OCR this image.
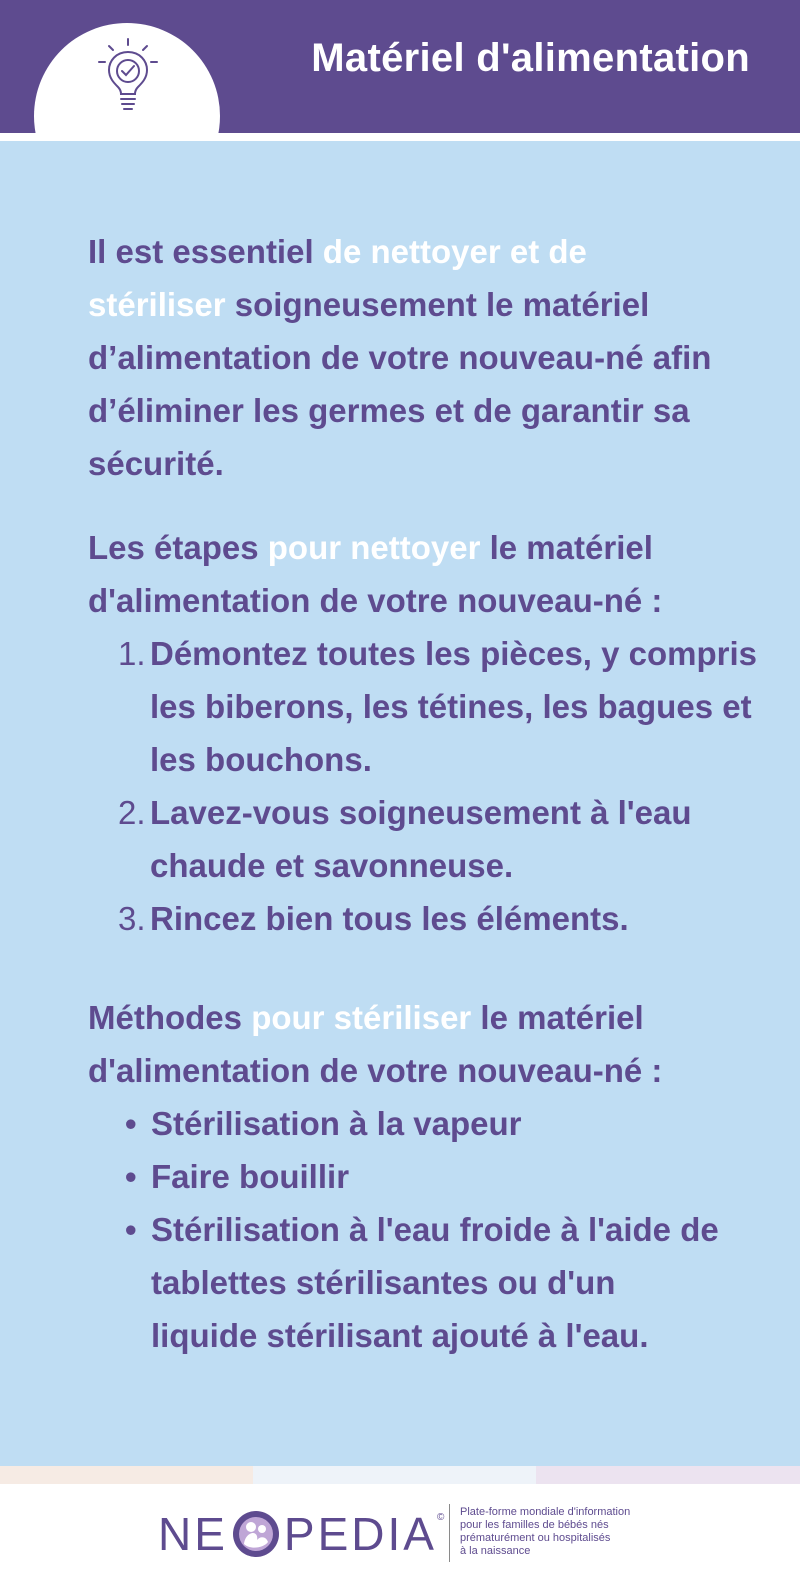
Matériel d'alimentation

Il est essentiel de nettoyer et de stériliser soigneusement le matériel d’alimentation de votre nouveau-né afin d’éliminer les germes et de garantir sa sécurité.

Les étapes pour nettoyer le matériel d'alimentation de votre nouveau-né :

1. Démontez toutes les pièces, y compris les biberons, les tétines, les bagues et les bouchons.
2. Lavez-vous soigneusement à l'eau chaude et savonneuse.
3. Rincez bien tous les éléments.

Méthodes pour stériliser le matériel d'alimentation de votre nouveau-né :

• Stérilisation à la vapeur
• Faire bouillir
• Stérilisation à l'eau froide à l'aide de tablettes stérilisantes ou d'un liquide stérilisant ajouté à l'eau.
NE PEDIA © Plate-forme mondiale d'information
pour les familles de bébés nés
prématurément ou hospitalisés
à la naissance
